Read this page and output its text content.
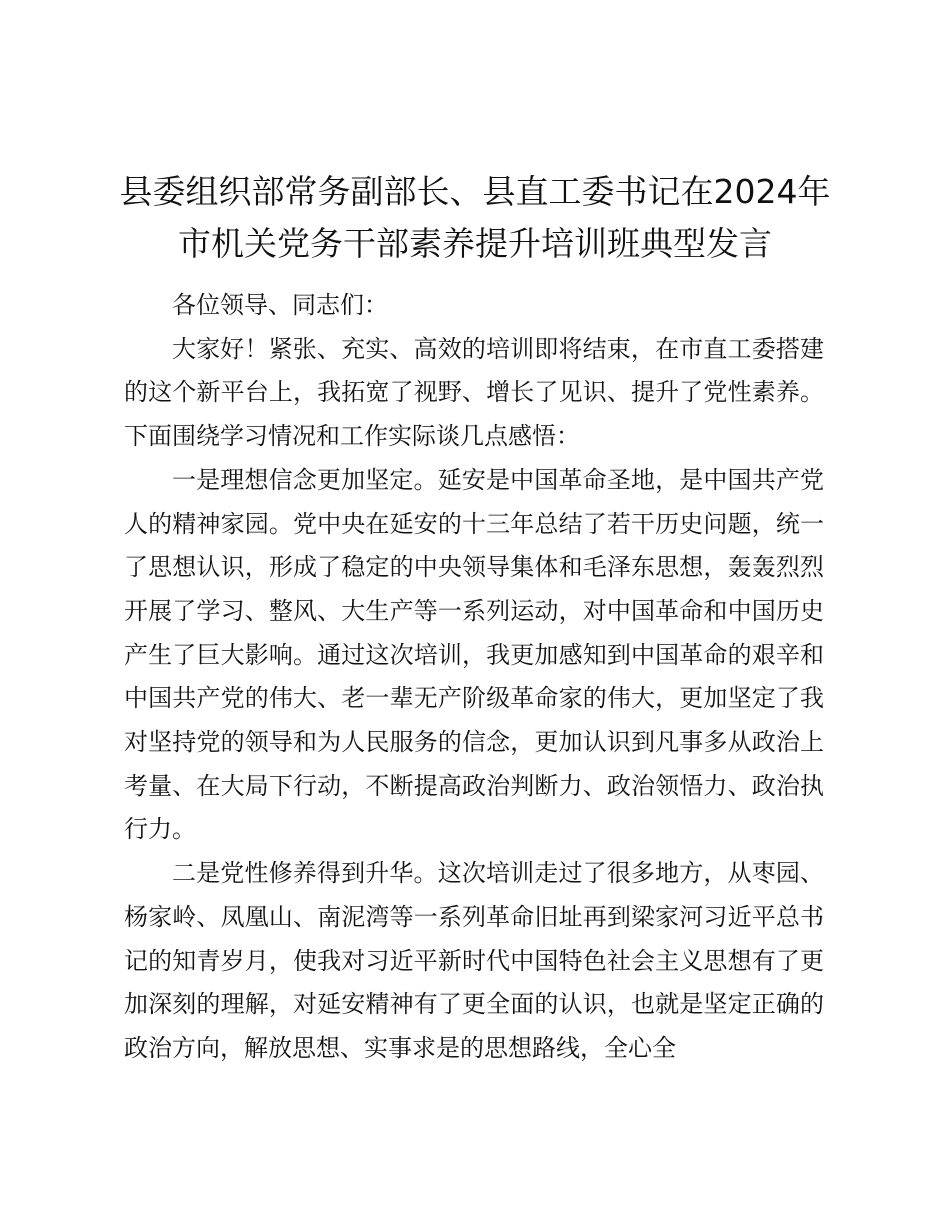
县委组织部常务副部长、县直工委书记在2024年市机关党务干部素养提升培训班典型发言

各位领导、同志们：

大家好！紧张、充实、高效的培训即将结束，在市直工委搭建的这个新平台上，我拓宽了视野、增长了见识、提升了党性素养。下面围绕学习情况和工作实际谈几点感悟：

一是理想信念更加坚定。延安是中国革命圣地，是中国共产党人的精神家园。党中央在延安的十三年总结了若干历史问题，统一了思想认识，形成了稳定的中央领导集体和毛泽东思想，轰轰烈烈开展了学习、整风、大生产等一系列运动，对中国革命和中国历史产生了巨大影响。通过这次培训，我更加感知到中国革命的艰辛和中国共产党的伟大、老一辈无产阶级革命家的伟大，更加坚定了我对坚持党的领导和为人民服务的信念，更加认识到凡事多从政治上考量、在大局下行动，不断提高政治判断力、政治领悟力、政治执行力。

二是党性修养得到升华。这次培训走过了很多地方，从枣园、杨家岭、凤凰山、南泥湾等一系列革命旧址再到梁家河习近平总书记的知青岁月，使我对习近平新时代中国特色社会主义思想有了更加深刻的理解，对延安精神有了更全面的认识，也就是坚定正确的政治方向，解放思想、实事求是的思想路线，全心全
